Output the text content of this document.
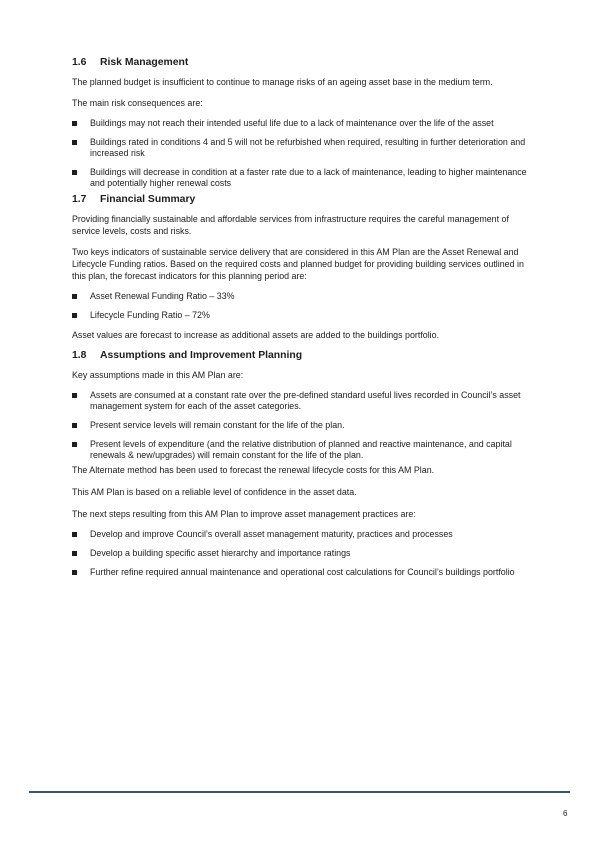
1.6	Risk Management

The planned budget is insufficient to continue to manage risks of an ageing asset base in the medium term.

The main risk consequences are:

Buildings may not reach their intended useful life due to a lack of maintenance over the life of the asset
Buildings rated in conditions 4 and 5 will not be refurbished when required, resulting in further deterioration and increased risk
Buildings will decrease in condition at a faster rate due to a lack of maintenance, leading to higher maintenance and potentially higher renewal costs
1.7	Financial Summary

Providing financially sustainable and affordable services from infrastructure requires the careful management of service levels, costs and risks.

Two keys indicators of sustainable service delivery that are considered in this AM Plan are the Asset Renewal and Lifecycle Funding ratios. Based on the required costs and planned budget for providing building services outlined in this plan, the forecast indicators for this planning period are:

Asset Renewal Funding Ratio – 33%
Lifecycle Funding Ratio – 72%

Asset values are forecast to increase as additional assets are added to the buildings portfolio.

1.8	Assumptions and Improvement Planning

Key assumptions made in this AM Plan are:

Assets are consumed at a constant rate over the pre-defined standard useful lives recorded in Council’s asset management system for each of the asset categories.
Present service levels will remain constant for the life of the plan.
Present levels of expenditure (and the relative distribution of planned and reactive maintenance, and capital renewals & new/upgrades) will remain constant for the life of the plan.

The Alternate method has been used to forecast the renewal lifecycle costs for this AM Plan.

This AM Plan is based on a reliable level of confidence in the asset data.

The next steps resulting from this AM Plan to improve asset management practices are:

Develop and improve Council’s overall asset management maturity, practices and processes
Develop a building specific asset hierarchy and importance ratings
Further refine required annual maintenance and operational cost calculations for Council’s buildings portfolio
6
